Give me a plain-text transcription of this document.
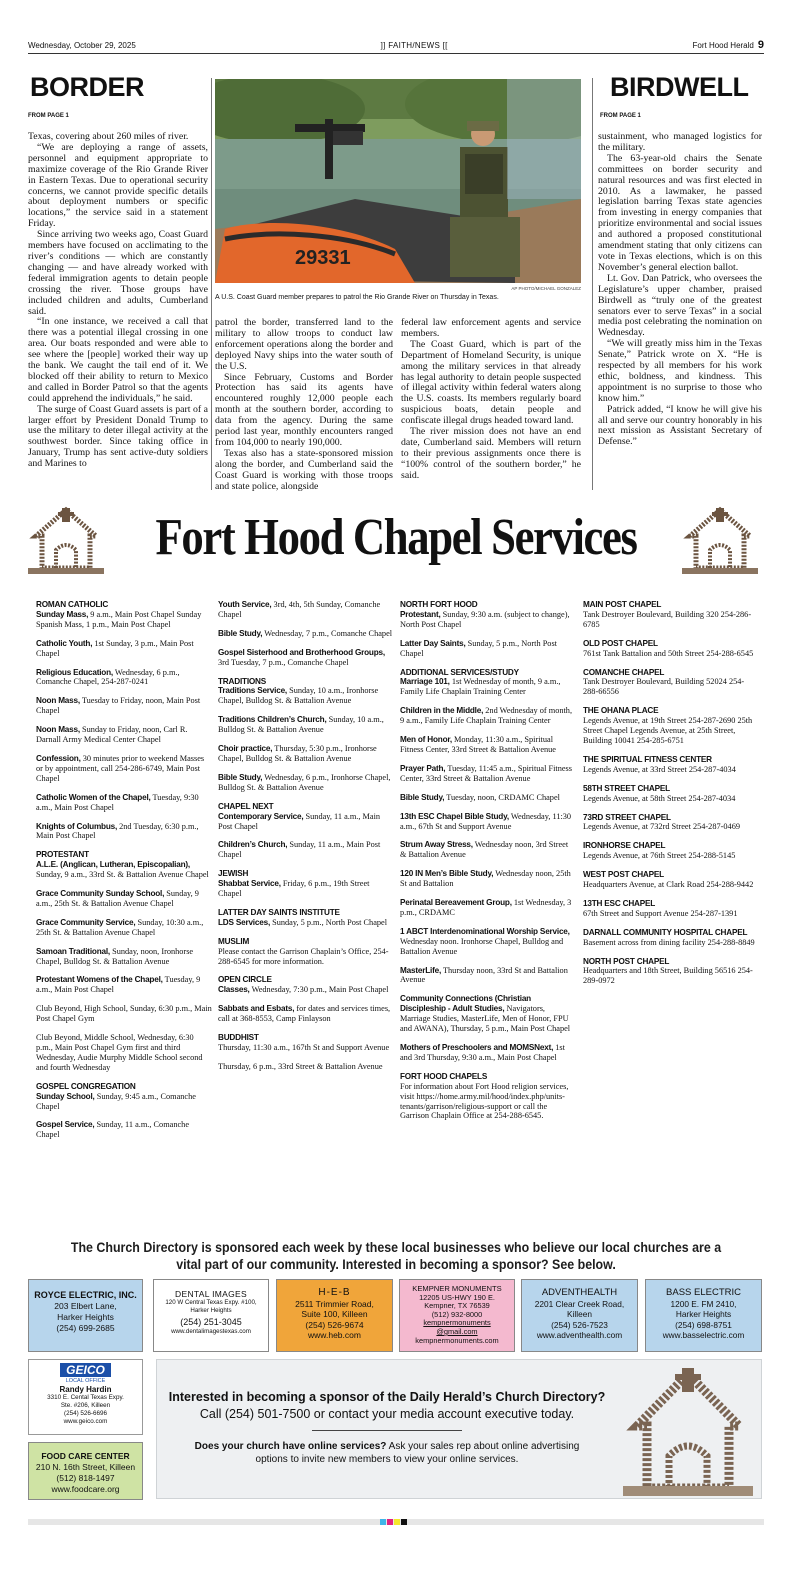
Wednesday, October 29, 2025	]] FAITH/NEWS [[	Fort Hood Herald 9
BORDER
FROM PAGE 1

Texas, covering about 260 miles of river.

“We are deploying a range of assets, personnel and equipment appropriate to maximize coverage of the Rio Grande River in Eastern Texas. Due to operational security concerns, we cannot provide specific details about deployment numbers or specific locations,” the service said in a statement Friday.

Since arriving two weeks ago, Coast Guard members have focused on acclimating to the river’s conditions — which are constantly changing — and have already worked with federal immigration agents to detain people crossing the river. Those groups have included children and adults, Cumberland said.

“In one instance, we received a call that there was a potential illegal crossing in one area. Our boats responded and were able to see where the [people] worked their way up the bank. We caught the tail end of it. We blocked off their ability to return to Mexico and called in Border Patrol so that the agents could apprehend the individuals,” he said.

The surge of Coast Guard assets is part of a larger effort by President Donald Trump to use the military to deter illegal activity at the southwest border. Since taking office in January, Trump has sent active-duty soldiers and Marines to

29331
AP PHOTO/MICHAEL GONZALEZ
A U.S. Coast Guard member prepares to patrol the Rio Grande River on Thursday in Texas.

patrol the border, transferred land to the military to allow troops to conduct law enforcement operations along the border and deployed Navy ships into the water south of the U.S.

Since February, Customs and Border Protection has said its agents have encountered roughly 12,000 people each month at the southern border, according to data from the agency. During the same period last year, monthly encounters ranged from 104,000 to nearly 190,000.

Texas also has a state-sponsored mission along the border, and Cumberland said the Coast Guard is working with those troops and state police, alongside

federal law enforcement agents and service members.

The Coast Guard, which is part of the Department of Homeland Security, is unique among the military services in that already has legal authority to detain people suspected of illegal activity within federal waters along the U.S. coasts. Its members regularly board suspicious boats, detain people and confiscate illegal drugs headed toward land.

The river mission does not have an end date, Cumberland said. Members will return to their previous assignments once there is “100% control of the southern border,” he said.

BIRDWELL
FROM PAGE 1

sustainment, who managed logistics for the military.

The 63-year-old chairs the Senate committees on border security and natural resources and was first elected in 2010. As a lawmaker, he passed legislation barring Texas state agencies from investing in energy companies that prioritize environmental and social issues and authored a proposed constitutional amendment stating that only citizens can vote in Texas elections, which is on this November’s general election ballot.

Lt. Gov. Dan Patrick, who oversees the Legislature’s upper chamber, praised Birdwell as “truly one of the greatest senators ever to serve Texas” in a social media post celebrating the nomination on Wednesday.

“We will greatly miss him in the Texas Senate,” Patrick wrote on X. “He is respected by all members for his work ethic, boldness, and kindness. This appointment is no surprise to those who know him.”

Patrick added, “I know he will give his all and serve our country honorably in his next mission as Assistant Secretary of Defense.”

Fort Hood Chapel Services
ROMAN CATHOLIC
Sunday Mass, 9 a.m., Main Post Chapel Sunday Spanish Mass, 1 p.m., Main Post Chapel
Catholic Youth, 1st Sunday, 3 p.m., Main Post Chapel
Religious Education, Wednesday, 6 p.m., Comanche Chapel, 254-287-0241
Noon Mass, Tuesday to Friday, noon, Main Post Chapel
Noon Mass, Sunday to Friday, noon, Carl R. Darnall Army Medical Center Chapel
Confession, 30 minutes prior to weekend Masses or by appointment, call 254-286-6749, Main Post Chapel
Catholic Women of the Chapel, Tuesday, 9:30 a.m., Main Post Chapel
Knights of Columbus, 2nd Tuesday, 6:30 p.m., Main Post Chapel
PROTESTANT
A.L.E. (Anglican, Lutheran, Episcopalian), Sunday, 9 a.m., 33rd St. & Battalion Avenue Chapel
Grace Community Sunday School, Sunday, 9 a.m., 25th St. & Battalion Avenue Chapel
Grace Community Service, Sunday, 10:30 a.m., 25th St. & Battalion Avenue Chapel
Samoan Traditional, Sunday, noon, Ironhorse Chapel, Bulldog St. & Battalion Avenue
Protestant Womens of the Chapel, Tuesday, 9 a.m., Main Post Chapel
Club Beyond, High School, Sunday, 6:30 p.m., Main Post Chapel Gym
Club Beyond, Middle School, Wednesday, 6:30 p.m., Main Post Chapel Gym first and third Wednesday, Audie Murphy Middle School second and fourth Wednesday
GOSPEL CONGREGATION
Sunday School, Sunday, 9:45 a.m., Comanche Chapel
Gospel Service, Sunday, 11 a.m., Comanche Chapel
Youth Service, 3rd, 4th, 5th Sunday, Comanche Chapel
Bible Study, Wednesday, 7 p.m., Comanche Chapel
Gospel Sisterhood and Brotherhood Groups, 3rd Tuesday, 7 p.m., Comanche Chapel
TRADITIONS
Traditions Service, Sunday, 10 a.m., Ironhorse Chapel, Bulldog St. & Battalion Avenue
Traditions Children’s Church, Sunday, 10 a.m., Bulldog St. & Battalion Avenue
Choir practice, Thursday, 5:30 p.m., Ironhorse Chapel, Bulldog St. & Battalion Avenue
Bible Study, Wednesday, 6 p.m., Ironhorse Chapel, Bulldog St. & Battalion Avenue
CHAPEL NEXT
Contemporary Service, Sunday, 11 a.m., Main Post Chapel
Children’s Church, Sunday, 11 a.m., Main Post Chapel
JEWISH
Shabbat Service, Friday, 6 p.m., 19th Street Chapel
LATTER DAY SAINTS INSTITUTE
LDS Services, Sunday, 5 p.m., North Post Chapel
MUSLIM
Please contact the Garrison Chaplain’s Office, 254-288-6545 for more information.
OPEN CIRCLE
Classes, Wednesday, 7:30 p.m., Main Post Chapel
Sabbats and Esbats, for dates and services times, call at 368-8553, Camp Finlayson
BUDDHIST
Thursday, 11:30 a.m., 167th St and Support Avenue
Thursday, 6 p.m., 33rd Street & Battalion Avenue
NORTH FORT HOOD
Protestant, Sunday, 9:30 a.m. (subject to change), North Post Chapel
Latter Day Saints, Sunday, 5 p.m., North Post Chapel
ADDITIONAL SERVICES/STUDY
Marriage 101, 1st Wednesday of month, 9 a.m., Family Life Chaplain Training Center
Children in the Middle, 2nd Wednesday of month, 9 a.m., Family Life Chaplain Training Center
Men of Honor, Monday, 11:30 a.m., Spiritual Fitness Center, 33rd Street & Battalion Avenue
Prayer Path, Tuesday, 11:45 a.m., Spiritual Fitness Center, 33rd Street & Battalion Avenue
Bible Study, Tuesday, noon, CRDAMC Chapel
13th ESC Chapel Bible Study, Wednesday, 11:30 a.m., 67th St and Support Avenue
Strum Away Stress, Wednesday noon, 3rd Street & Battalion Avenue
120 IN Men’s Bible Study, Wednesday noon, 25th St and Battalion
Perinatal Bereavement Group, 1st Wednesday, 3 p.m., CRDAMC
1 ABCT Interdenominational Worship Service, Wednesday noon. Ironhorse Chapel, Bulldog and Battalion Avenue
MasterLife, Thursday noon, 33rd St and Battalion Avenue
Community Connections (Christian Discipleship - Adult Studies, Navigators, Marriage Studies, MasterLife, Men of Honor, FPU and AWANA), Thursday, 5 p.m., Main Post Chapel
Mothers of Preschoolers and MOMSNext, 1st and 3rd Thursday, 9:30 a.m., Main Post Chapel
FORT HOOD CHAPELS
For information about Fort Hood religion services, visit https://home.army.mil/hood/index.php/units-tenants/garrison/religious-support or call the Garrison Chaplain Office at 254-288-6545.
MAIN POST CHAPEL
Tank Destroyer Boulevard, Building 320 254-286-6785
OLD POST CHAPEL
761st Tank Battalion and 50th Street 254-288-6545
COMANCHE CHAPEL
Tank Destroyer Boulevard, Building 52024 254-288-66556
THE OHANA PLACE
Legends Avenue, at 19th Street 254-287-2690 25th Street Chapel Legends Avenue, at 25th Street, Building 10041 254-285-6751
THE SPIRITUAL FITNESS CENTER
Legends Avenue, at 33rd Street 254-287-4034
58TH STREET CHAPEL
Legends Avenue, at 58th Street 254-287-4034
73RD STREET CHAPEL
Legends Avenue, at 732rd Street 254-287-0469
IRONHORSE CHAPEL
Legends Avenue, at 76th Street 254-288-5145
WEST POST CHAPEL
Headquarters Avenue, at Clark Road 254-288-9442
13TH ESC CHAPEL
67th Street and Support Avenue 254-287-1391
DARNALL COMMUNITY HOSPITAL CHAPEL
Basement across from dining facility 254-288-8849
NORTH POST CHAPEL
Headquarters and 18th Street, Building 56516 254-289-0972
The Church Directory is sponsored each week by these local businesses who believe our local churches are a vital part of our community. Interested in becoming a sponsor? See below.
ROYCE ELECTRIC, INC.
203 Elbert Lane,
Harker Heights
(254) 699-2685
DENTAL IMAGES
120 W Central Texas Expy. #100,
Harker Heights
(254) 251-3045
www.dentalimagestexas.com
H-E-B
2511 Trimmier Road,
Suite 100, Killeen
(254) 526-9674
www.heb.com
KEMPNER MONUMENTS
12205 US-HWY 190 E.
Kempner, TX 76539
(512) 932-8000
kempnermonuments
@gmail.com
kempnermonuments.com
ADVENTHEALTH
2201 Clear Creek Road,
Killeen
(254) 526-7523
www.adventhealth.com
BASS ELECTRIC
1200 E. FM 2410,
Harker Heights
(254) 698-8751
www.basselectric.com
GEICO
LOCAL OFFICE
Randy Hardin
3310 E. Cental Texas Expy.
Ste. #206, Killeen
(254) 526-6696
www.geico.com
FOOD CARE CENTER
210 N. 16th Street, Killeen
(512) 818-1497
www.foodcare.org
Interested in becoming a sponsor of the Daily Herald’s Church Directory?
Call (254) 501-7500 or contact your media account executive today.
Does your church have online services? Ask your sales rep about online advertising options to invite new members to view your online services.
